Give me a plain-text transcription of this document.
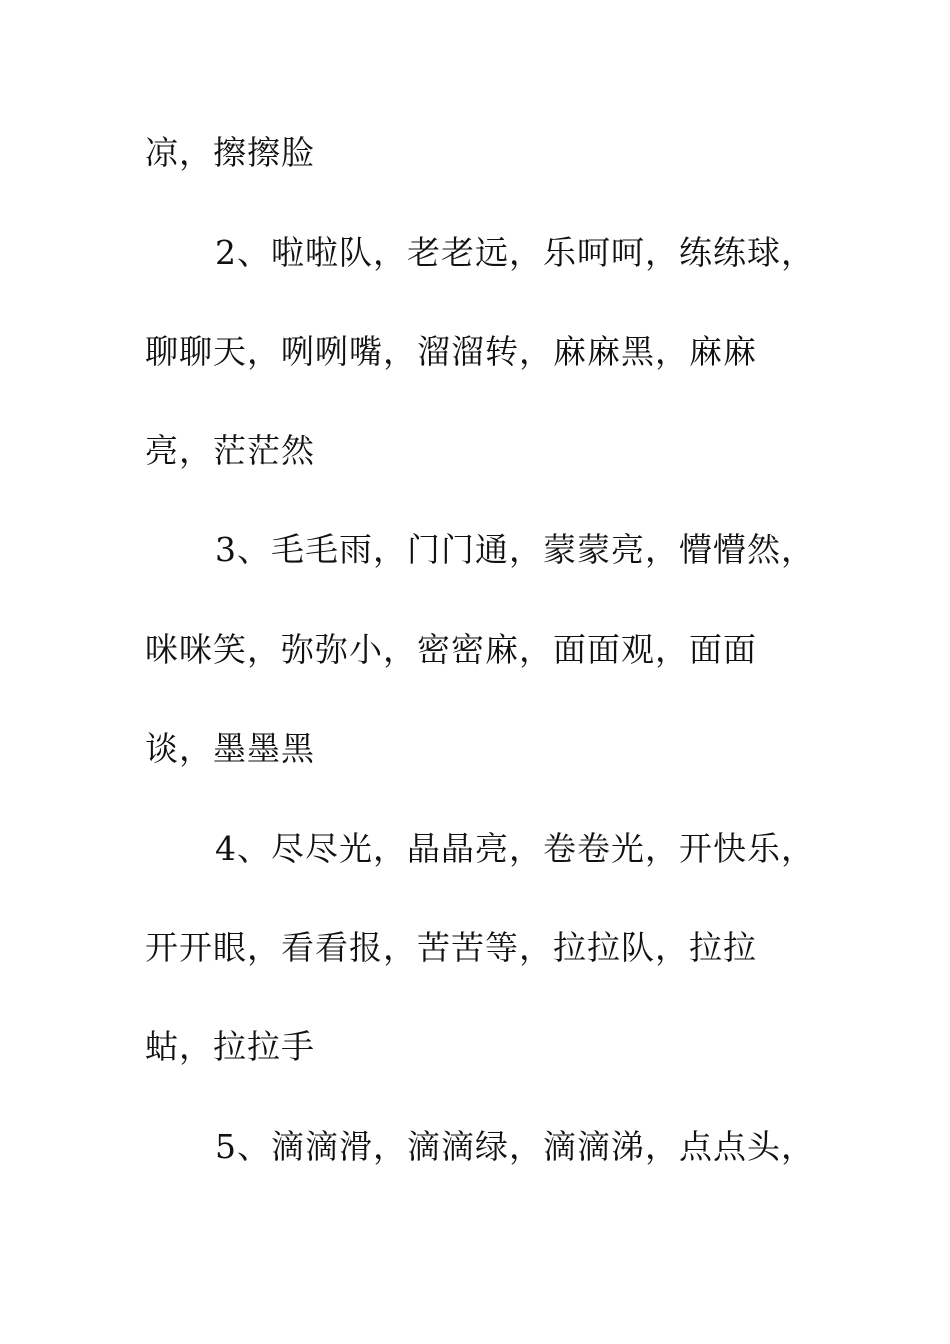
凉，擦擦脸
2、啦啦队，老老远，乐呵呵，练练球，
聊聊天，咧咧嘴，溜溜转，麻麻黑，麻麻
亮，茫茫然
3、毛毛雨，门门通，蒙蒙亮，懵懵然，
咪咪笑，弥弥小，密密麻，面面观，面面
谈，墨墨黑
4、尽尽光，晶晶亮，卷卷光，开快乐，
开开眼，看看报，苦苦等，拉拉队，拉拉
蛄，拉拉手
5、滴滴滑，滴滴绿，滴滴涕，点点头，
